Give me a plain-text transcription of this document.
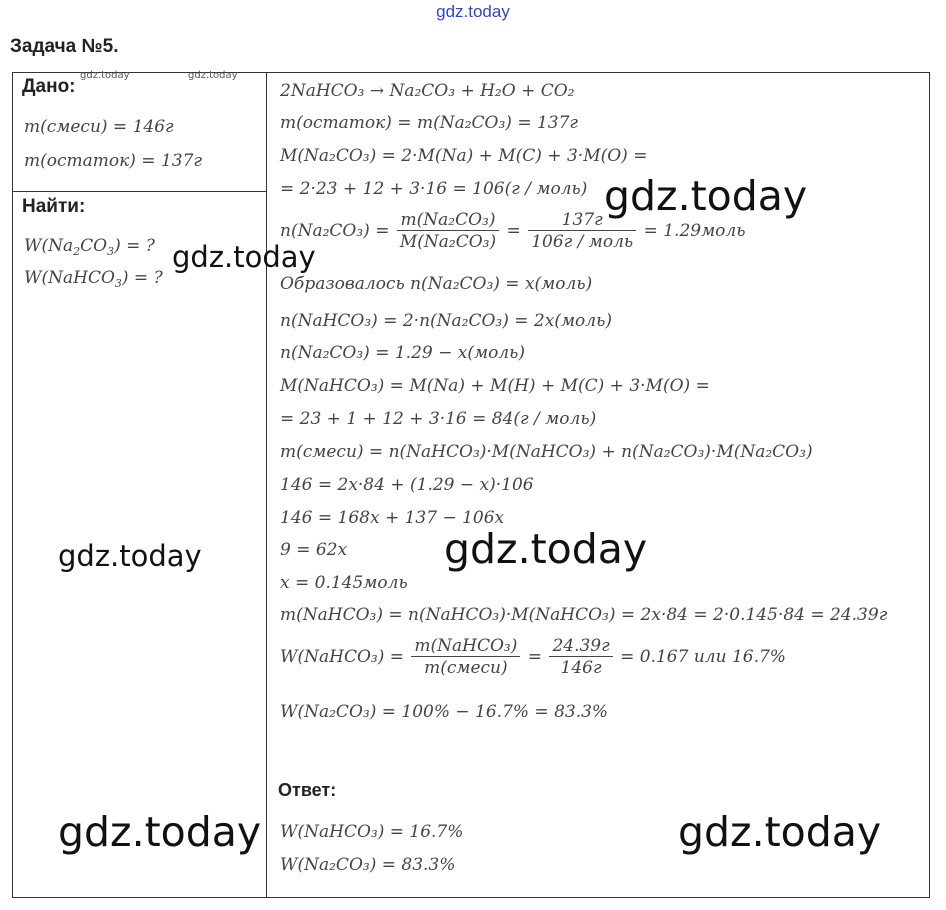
gdz.today
Задача №5.
Дано:
m(смеси) = 146г
m(остаток) = 137г
Найти:
$W(Na_2CO_3)$ = ?
W(NaHCO$_3$) = ?
2NaHCO₃ → Na₂CO₃ + H₂O + CO₂
m(остаток) = m(Na₂CO₃) = 137г
M(Na₂CO₃) = 2·M(Na) + M(C) + 3·M(O) =
= 2·23 + 12 + 3·16 = 106(г / моль)
$n(Na_2CO_3) = \frac{\text{m(Na₂CO₃)}}{\text{M(Na₂CO₃)}} = \frac{137г}{\text{106г / моль}}$ = 1.29моль
Образовалось n(Na₂CO₃) = x(моль)
n(NaHCO₃) = 2·n(Na₂CO₃) = 2x(моль)
n(Na₂CO₃) = 1.29 − x(моль)
M(NaHCO₃) = M(Na) + M(H) + M(C) + 3·M(O) =
= 23 + 1 + 12 + 3·16 = 84(г / моль)
m(смеси) = n(NaHCO₃)·M(NaHCO₃) + n(Na₂CO₃)·M(Na₂CO₃)
146 = 2x·84 + (1.29 − x)·106
146 = 168x + 137 − 106x
9 = 62x
x = 0.145моль
m(NaHCO₃) = n(NaHCO₃)·M(NaHCO₃) = 2x·84 = 2·0.145·84 = 24.39г
W(NaHCO₃) = $\frac{\text{m(NaHCO₃)}}{\text{m(смеси)}} = \frac{24.39г}{146г} = 0.167$ или 16.7%
W(Na₂CO₃) = 100% − 16.7% = 83.3%
Ответ:
W(NaHCO₃) = 16.7%
W(Na₂CO₃) = 83.3%
gdz.today	gdz.today
gdz.today
gdz.today
gdz.today	gdz.today
gdz.today	gdz.today
